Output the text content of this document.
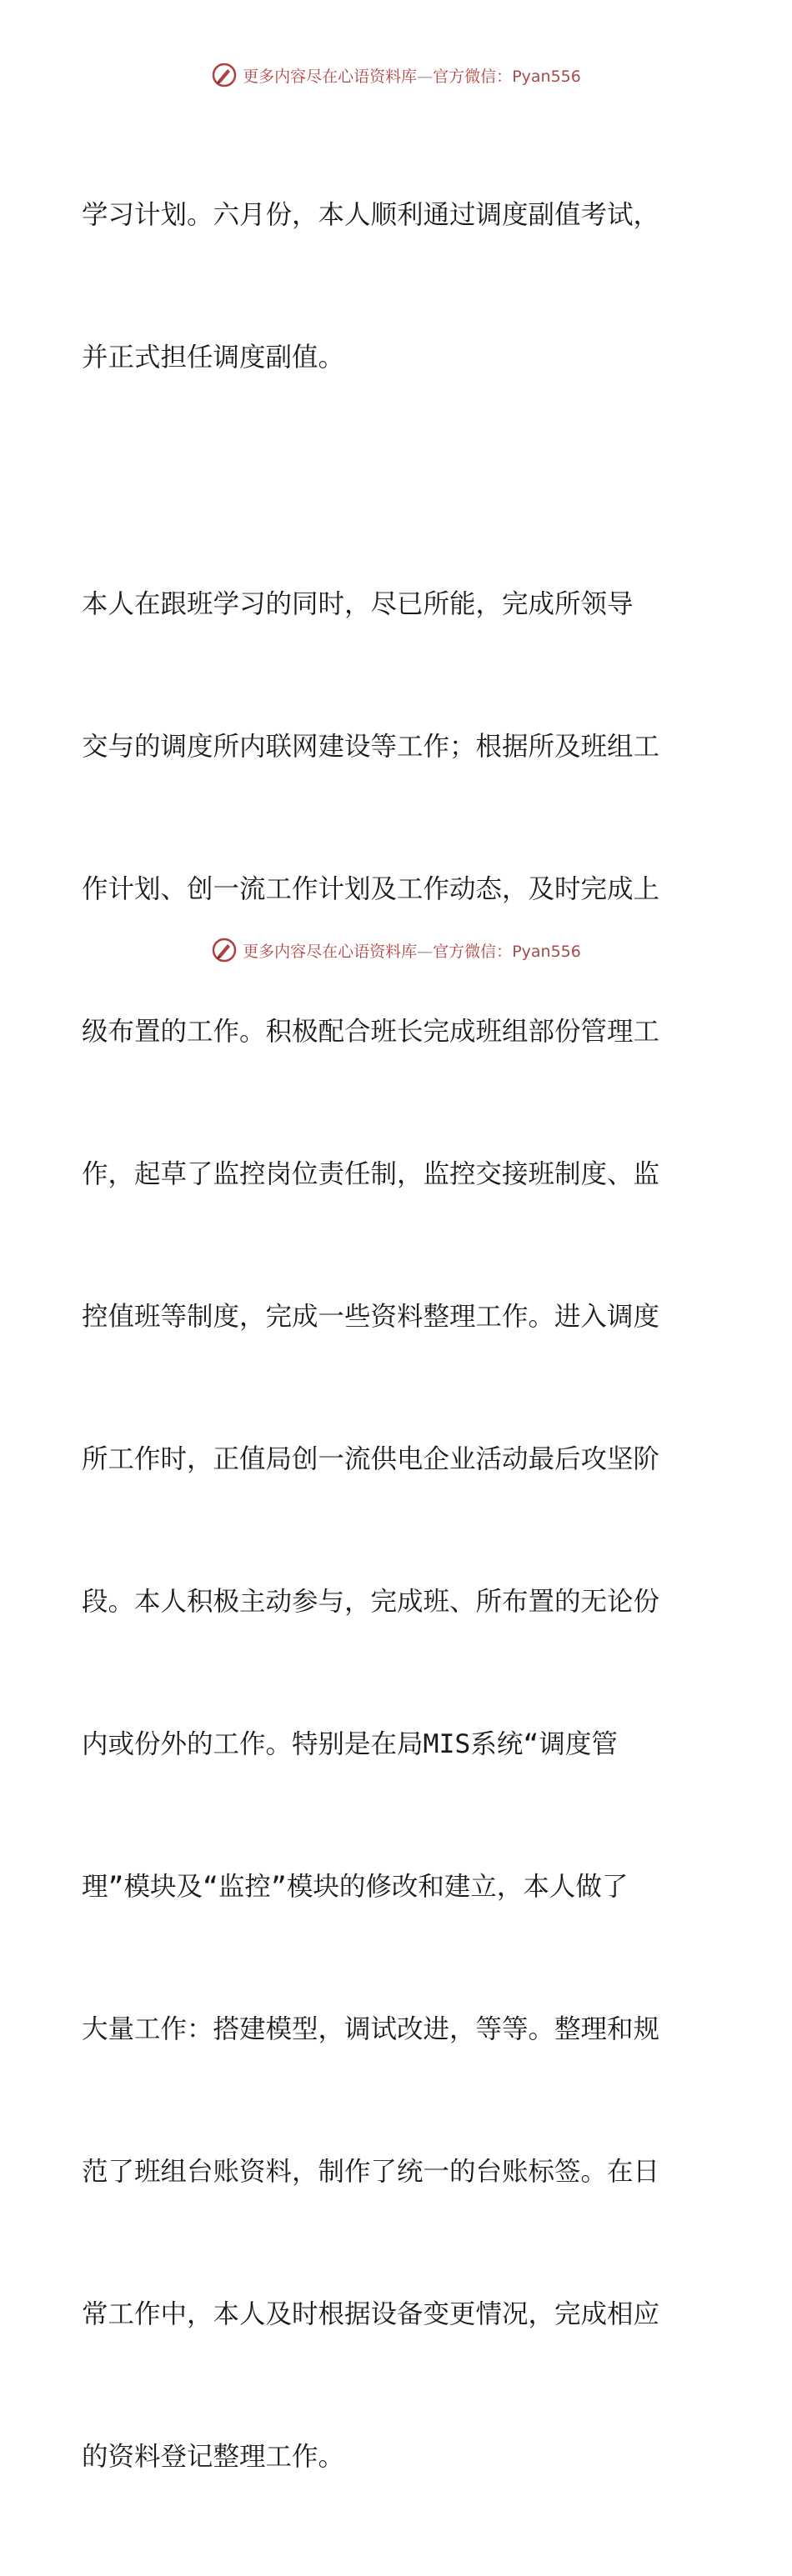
更多内容尽在心语资料库—官方微信：Pyan556

学习计划。六月份，本人顺利通过调度副值考试，

并正式担任调度副值。

本人在跟班学习的同时，尽已所能，完成所领导

交与的调度所内联网建设等工作；根据所及班组工

作计划、创一流工作计划及工作动态，及时完成上

级布置的工作。积极配合班长完成班组部份管理工

作，起草了监控岗位责任制，监控交接班制度、监

控值班等制度，完成一些资料整理工作。进入调度

所工作时，正值局创一流供电企业活动最后攻坚阶

段。本人积极主动参与，完成班、所布置的无论份

内或份外的工作。特别是在局MIS系统“调度管

理”模块及“监控”模块的修改和建立，本人做了

大量工作：搭建模型，调试改进，等等。整理和规

范了班组台账资料，制作了统一的台账标签。在日

常工作中，本人及时根据设备变更情况，完成相应

的资料登记整理工作。

更多内容尽在心语资料库—官方微信：Pyan556
